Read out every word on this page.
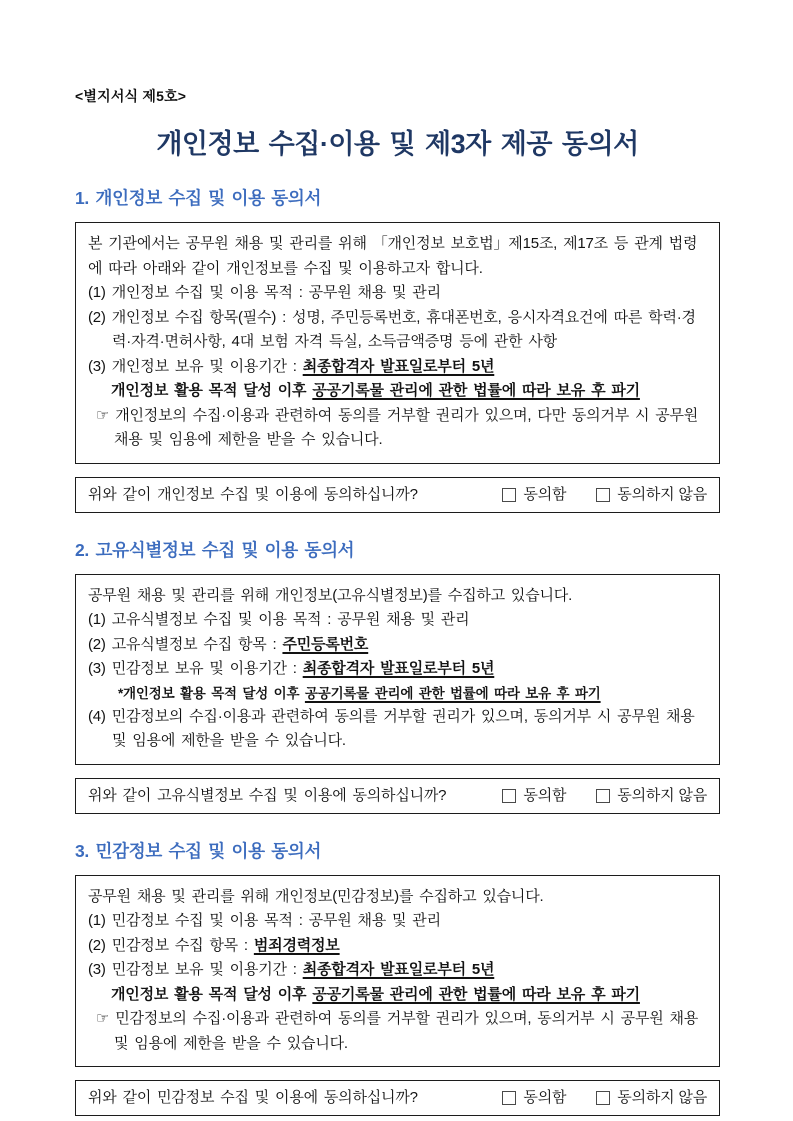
<별지서식 제5호>
개인정보 수집·이용 및 제3자 제공 동의서
1. 개인정보 수집 및 이용 동의서
본 기관에서는 공무원 채용 및 관리를 위해 「개인정보 보호법」제15조, 제17조 등 관계 법령에 따라 아래와 같이 개인정보를 수집 및 이용하고자 합니다.
(1) 개인정보 수집 및 이용 목적 : 공무원 채용 및 관리
(2) 개인정보 수집 항목(필수) : 성명, 주민등록번호, 휴대폰번호, 응시자격요건에 따른 학력·경력·자격·면허사항, 4대 보험 자격 득실, 소득금액증명 등에 관한 사항
(3) 개인정보 보유 및 이용기간 : 최종합격자 발표일로부터 5년
개인정보 활용 목적 달성 이후 공공기록물 관리에 관한 법률에 따라 보유 후 파기
☞ 개인정보의 수집·이용과 관련하여 동의를 거부할 권리가 있으며, 다만 동의거부 시 공무원 채용 및 임용에 제한을 받을 수 있습니다.
위와 같이 개인정보 수집 및 이용에 동의하십니까?	동의함	동의하지 않음
2. 고유식별정보 수집 및 이용 동의서
공무원 채용 및 관리를 위해 개인정보(고유식별정보)를 수집하고 있습니다.
(1) 고유식별정보 수집 및 이용 목적 : 공무원 채용 및 관리
(2) 고유식별정보 수집 항목 : 주민등록번호
(3) 민감정보 보유 및 이용기간 : 최종합격자 발표일로부터 5년
*개인정보 활용 목적 달성 이후 공공기록물 관리에 관한 법률에 따라 보유 후 파기
(4) 민감정보의 수집·이용과 관련하여 동의를 거부할 권리가 있으며, 동의거부 시 공무원 채용 및 임용에 제한을 받을 수 있습니다.
위와 같이 고유식별정보 수집 및 이용에 동의하십니까?	동의함	동의하지 않음
3. 민감정보 수집 및 이용 동의서
공무원 채용 및 관리를 위해 개인정보(민감정보)를 수집하고 있습니다.
(1) 민감정보 수집 및 이용 목적 : 공무원 채용 및 관리
(2) 민감정보 수집 항목 : 범죄경력정보
(3) 민감정보 보유 및 이용기간 : 최종합격자 발표일로부터 5년
개인정보 활용 목적 달성 이후 공공기록물 관리에 관한 법률에 따라 보유 후 파기
☞ 민감정보의 수집·이용과 관련하여 동의를 거부할 권리가 있으며, 동의거부 시 공무원 채용 및 임용에 제한을 받을 수 있습니다.
위와 같이 민감정보 수집 및 이용에 동의하십니까?	동의함	동의하지 않음
